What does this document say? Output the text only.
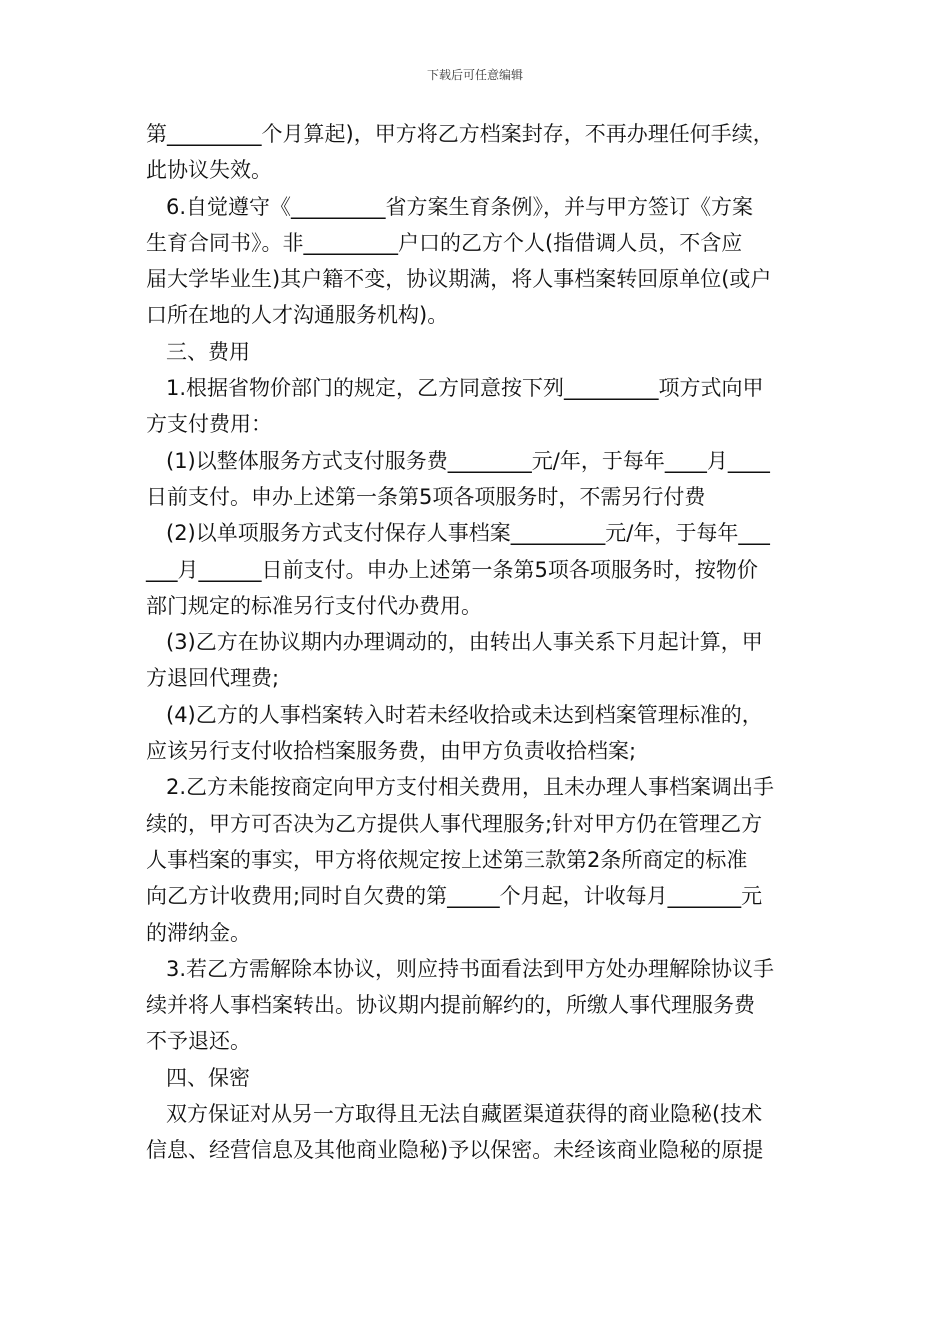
下载后可任意编辑

第_________个月算起)，甲方将乙方档案封存，不再办理任何手续，

此协议失效。

6.自觉遵守《_________省方案生育条例》，并与甲方签订《方案

生育合同书》。非_________户口的乙方个人(指借调人员，不含应

届大学毕业生)其户籍不变，协议期满，将人事档案转回原单位(或户

口所在地的人才沟通服务机构)。

三、费用

1.根据省物价部门的规定，乙方同意按下列_________项方式向甲

方支付费用：

(1)以整体服务方式支付服务费________元/年，于每年____月____

日前支付。申办上述第一条第5项各项服务时，不需另行付费

(2)以单项服务方式支付保存人事档案_________元/年，于每年___

___月______日前支付。申办上述第一条第5项各项服务时，按物价

部门规定的标准另行支付代办费用。

(3)乙方在协议期内办理调动的，由转出人事关系下月起计算，甲

方退回代理费;

(4)乙方的人事档案转入时若未经收拾或未达到档案管理标准的，

应该另行支付收拾档案服务费，由甲方负责收拾档案;

2.乙方未能按商定向甲方支付相关费用，且未办理人事档案调出手

续的，甲方可否决为乙方提供人事代理服务;针对甲方仍在管理乙方

人事档案的事实，甲方将依规定按上述第三款第2条所商定的标准

向乙方计收费用;同时自欠费的第_____个月起，计收每月_______元

的滞纳金。

3.若乙方需解除本协议，则应持书面看法到甲方处办理解除协议手

续并将人事档案转出。协议期内提前解约的，所缴人事代理服务费

不予退还。

四、保密

双方保证对从另一方取得且无法自藏匿渠道获得的商业隐秘(技术

信息、经营信息及其他商业隐秘)予以保密。未经该商业隐秘的原提
